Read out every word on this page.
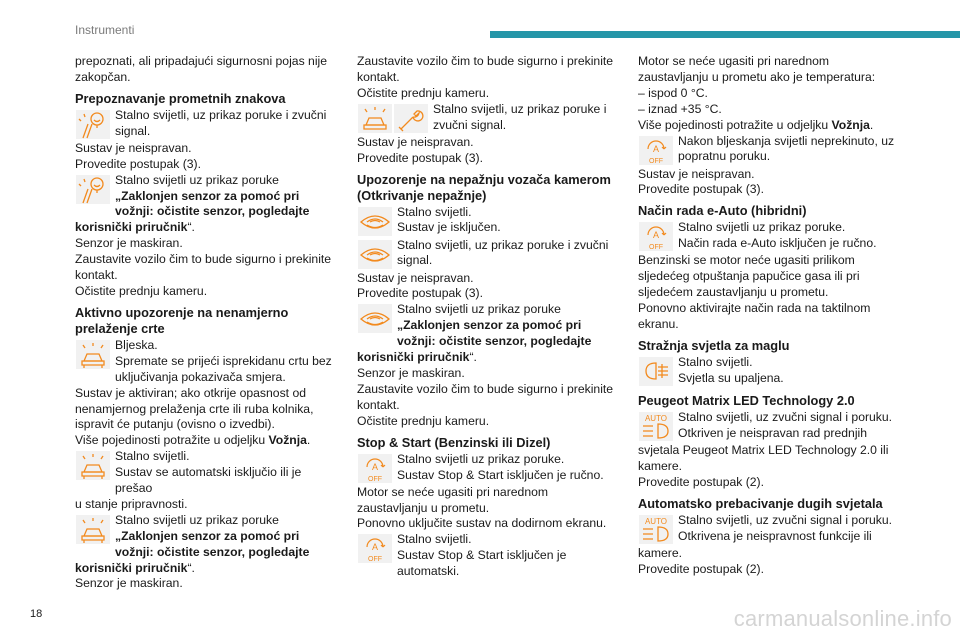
Instrumenti
18	carmanualsonline.info
prepoznati, ali pripadajući sigurnosni pojas nije zakopčan.
Prepoznavanje prometnih znakova
Stalno svijetli, uz prikaz poruke i zvučni
signal.
Sustav je neispravan.
Provedite postupak (3).
Stalno svijetli uz prikaz poruke
„Zaklonjen senzor za pomoć pri vožnji: očistite senzor, pogledajte korisnički priručnik“.
Senzor je maskiran.
Zaustavite vozilo čim to bude sigurno i prekinite kontakt.
Očistite prednju kameru.
Aktivno upozorenje na nenamjerno prelaženje crte
Bljeska.
Spremate se prijeći isprekidanu crtu bez
uključivanja pokazivača smjera.
Sustav je aktiviran; ako otkrije opasnost od nenamjernog prelaženja crte ili ruba kolnika, ispravit će putanju (ovisno o izvedbi).
Više pojedinosti potražite u odjeljku Vožnja.
Stalno svijetli.
Sustav se automatski isključio ili je prešao
u stanje pripravnosti.
Stalno svijetli uz prikaz poruke
„Zaklonjen senzor za pomoć pri vožnji: očistite senzor, pogledajte korisnički priručnik“.
Senzor je maskiran.
Zaustavite vozilo čim to bude sigurno i prekinite kontakt.
Očistite prednju kameru.
Stalno svijetli, uz prikaz poruke i
zvučni signal.
Sustav je neispravan.
Provedite postupak (3).
Upozorenje na nepažnju vozača kamerom (Otkrivanje nepažnje)
Stalno svijetli.
Sustav je isključen.
Stalno svijetli, uz prikaz poruke i zvučni
signal.
Sustav je neispravan.
Provedite postupak (3).
Stalno svijetli uz prikaz poruke
„Zaklonjen senzor za pomoć pri vožnji: očistite senzor, pogledajte korisnički priručnik“.
Senzor je maskiran.
Zaustavite vozilo čim to bude sigurno i prekinite kontakt.
Očistite prednju kameru.
Stop & Start (Benzinski ili Dizel)
A
OFF
Stalno svijetli uz prikaz poruke.
Sustav Stop & Start isključen je ručno.
Motor se neće ugasiti pri narednom zaustavljanju u prometu.
Ponovno uključite sustav na dodirnom ekranu.
A
OFF
Stalno svijetli.
Sustav Stop & Start isključen je
automatski.
Motor se neće ugasiti pri narednom zaustavljanju u prometu ako je temperatura:
– ispod 0 °C.
– iznad +35 °C.
Više pojedinosti potražite u odjeljku Vožnja.
A
OFF
Nakon bljeskanja svijetli neprekinuto, uz
popratnu poruku.
Sustav je neispravan.
Provedite postupak (3).
Način rada e-Auto (hibridni)
A
OFF
Stalno svijetli uz prikaz poruke.
Način rada e-Auto isključen je ručno.
Benzinski se motor neće ugasiti prilikom sljedećeg otpuštanja papučice gasa ili pri sljedećem zaustavljanju u prometu.
Ponovno aktivirajte način rada na taktilnom ekranu.
Stražnja svjetla za maglu
Stalno svijetli.
Svjetla su upaljena.
Peugeot Matrix LED Technology 2.0
AUTO Stalno svijetli, uz zvučni signal i poruku.
Otkriven je neispravan rad prednjih
svjetala Peugeot Matrix LED Technology 2.0 ili kamere.
Provedite postupak (2).
Automatsko prebacivanje dugih svjetala
AUTO Stalno svijetli, uz zvučni signal i poruku.
Otkrivena je neispravnost funkcije ili
kamere.
Provedite postupak (2).
